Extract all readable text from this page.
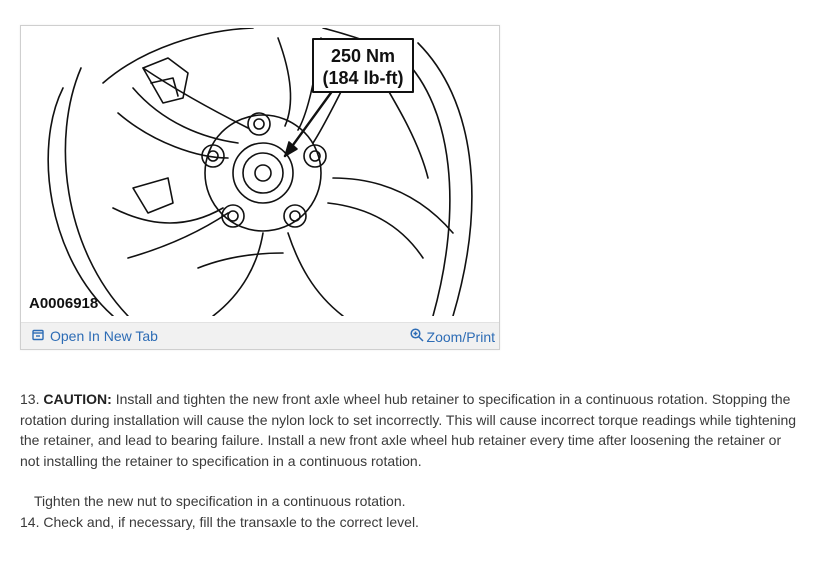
250 Nm
(184 lb-ft)
A0006918
Open In New Tab	Zoom/Print

13. CAUTION: Install and tighten the new front axle wheel hub retainer to specification in a continuous rotation. Stopping the rotation during installation will cause the nylon lock to set incorrectly. This will cause incorrect torque readings while tightening the retainer, and lead to bearing failure. Install a new front axle wheel hub retainer every time after loosening the retainer or not installing the retainer to specification in a continuous rotation.

Tighten the new nut to specification in a continuous rotation.

14. Check and, if necessary, fill the transaxle to the correct level.
